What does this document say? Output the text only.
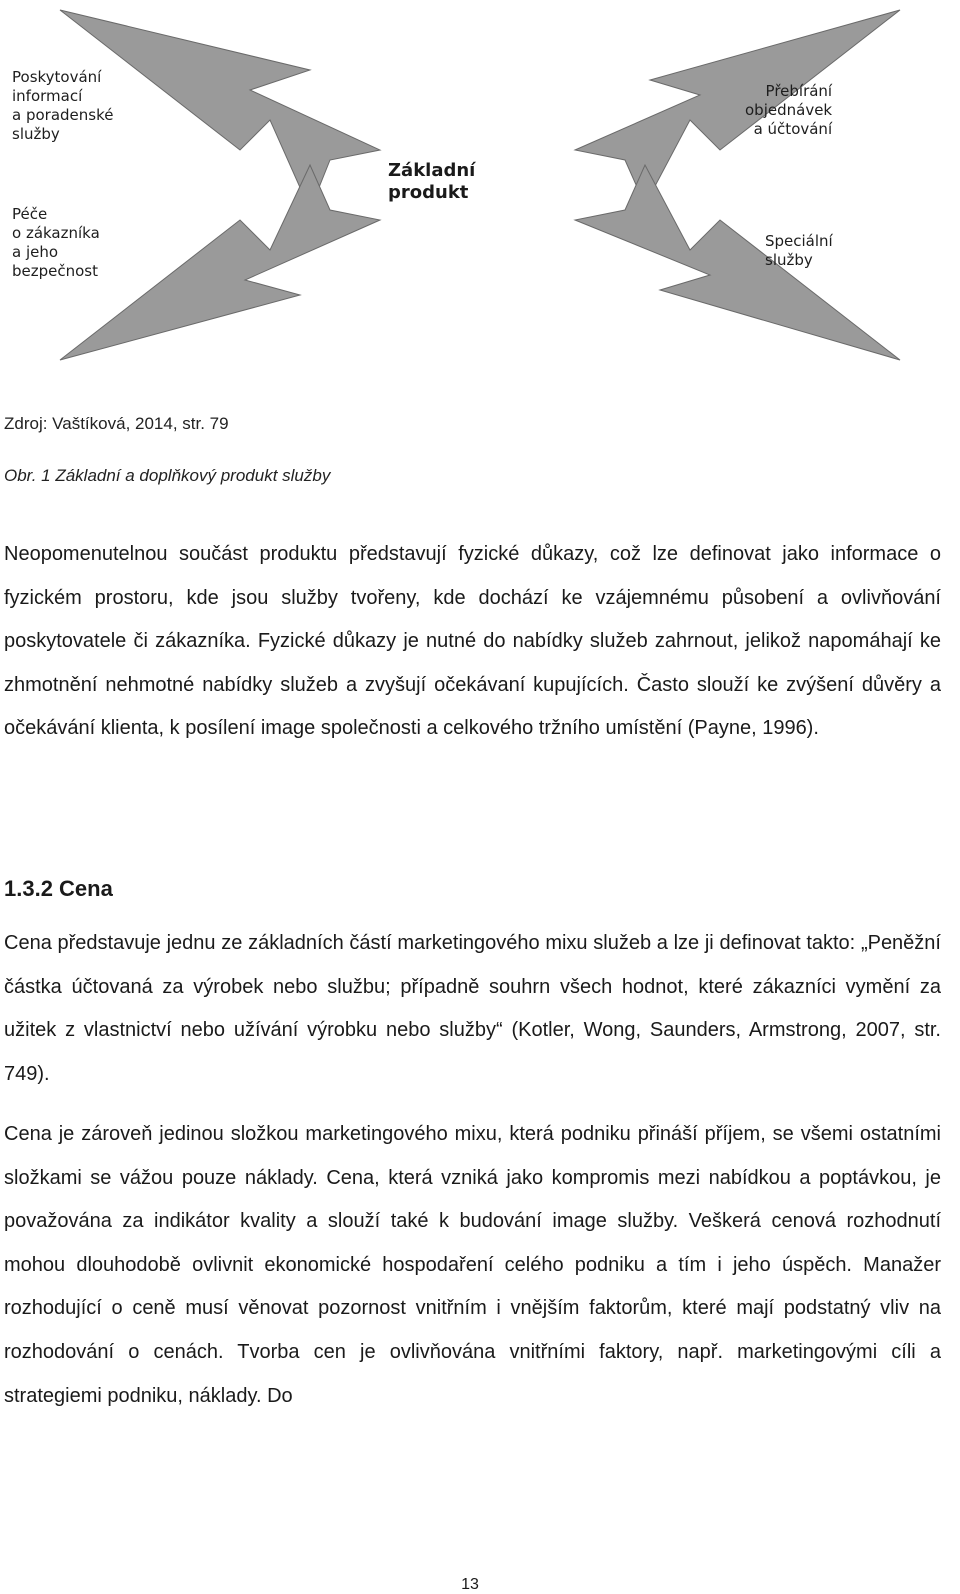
Poskytování
informací
a poradenské
služby
Péče
o zákazníka
a jeho
bezpečnost
Přebírání
objednávek
a účtování
Speciální
služby
Základní
produkt
Zdroj: Vaštíková, 2014, str. 79
Obr. 1 Základní a doplňkový produkt služby

Neopomenutelnou součást produktu představují fyzické důkazy, což lze definovat jako informace o fyzickém prostoru, kde jsou služby tvořeny, kde dochází ke vzájemnému působení a ovlivňování poskytovatele či zákazníka. Fyzické důkazy je nutné do nabídky služeb zahrnout, jelikož napomáhají ke zhmotnění nehmotné nabídky služeb a zvyšují očekávaní kupujících. Často slouží ke zvýšení důvěry a očekávání klienta, k posílení image společnosti a celkového tržního umístění (Payne, 1996).

1.3.2 Cena

Cena představuje jednu ze základních částí marketingového mixu služeb a lze ji definovat takto: „Peněžní částka účtovaná za výrobek nebo službu; případně souhrn všech hodnot, které zákazníci vymění za užitek z vlastnictví nebo užívání výrobku nebo služby“ (Kotler, Wong, Saunders, Armstrong, 2007, str. 749).

Cena je zároveň jedinou složkou marketingového mixu, která podniku přináší příjem, se všemi ostatními složkami se vážou pouze náklady. Cena, která vzniká jako kompromis mezi nabídkou a poptávkou, je považována za indikátor kvality a slouží také k budování image služby. Veškerá cenová rozhodnutí mohou dlouhodobě ovlivnit ekonomické hospodaření celého podniku a tím i jeho úspěch. Manažer rozhodující o ceně musí věnovat pozornost vnitřním i vnějším faktorům, které mají podstatný vliv na rozhodování o cenách. Tvorba cen je ovlivňována vnitřními faktory, např. marketingovými cíli a strategiemi podniku, náklady. Do

13
